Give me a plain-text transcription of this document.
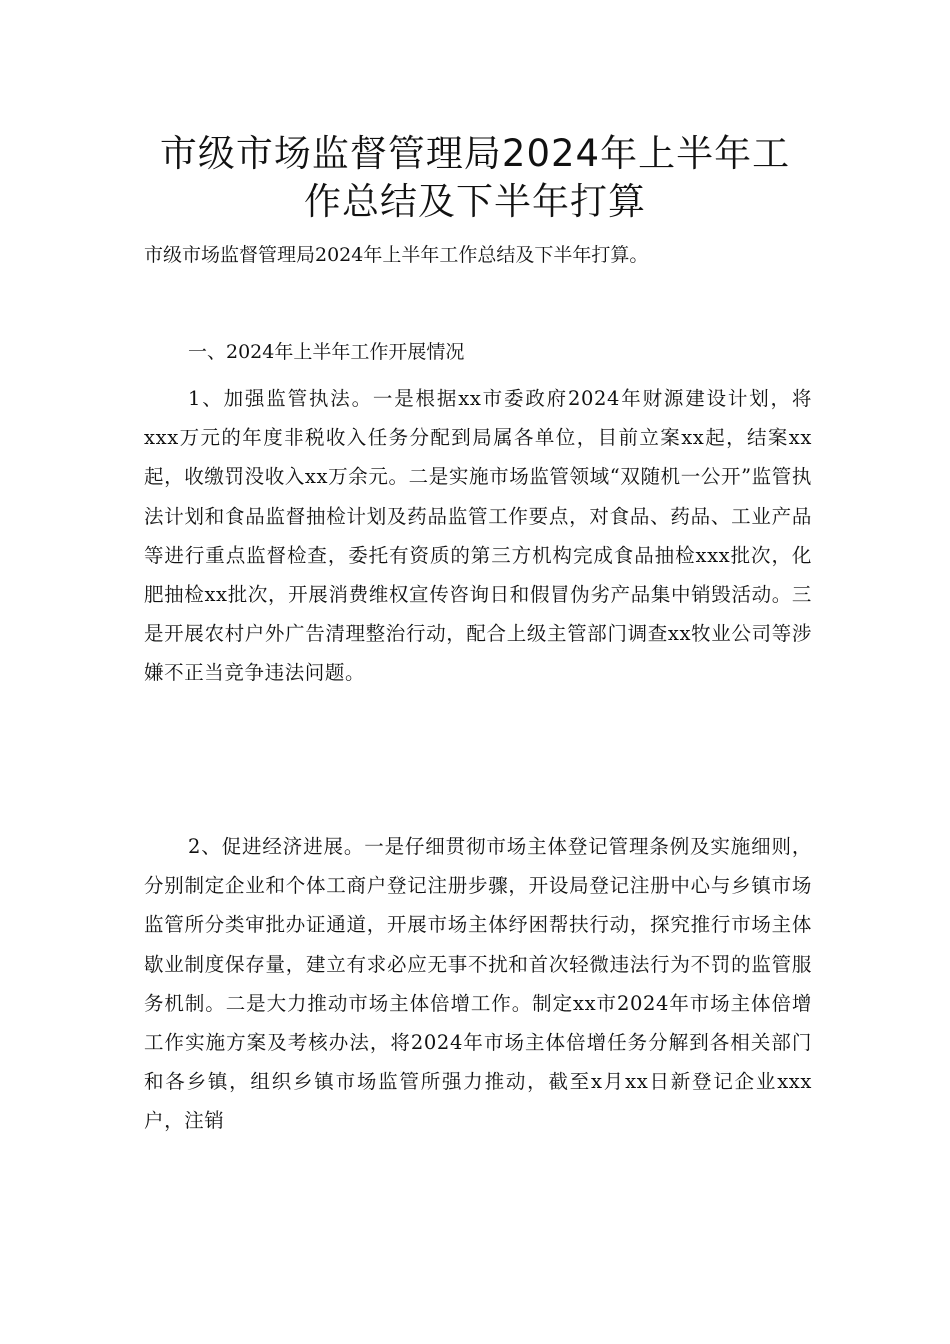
市级市场监督管理局2024年上半年工
作总结及下半年打算

市级市场监督管理局2024年上半年工作总结及下半年打算。

一、2024年上半年工作开展情况

1、加强监管执法。一是根据xx市委政府2024年财源建设计划，将xxx万元的年度非税收入任务分配到局属各单位，目前立案xx起，结案xx起，收缴罚没收入xx万余元。二是实施市场监管领域“双随机一公开”监管执法计划和食品监督抽检计划及药品监管工作要点，对食品、药品、工业产品等进行重点监督检查，委托有资质的第三方机构完成食品抽检xxx批次，化肥抽检xx批次，开展消费维权宣传咨询日和假冒伪劣产品集中销毁活动。三是开展农村户外广告清理整治行动，配合上级主管部门调查xx牧业公司等涉嫌不正当竞争违法问题。

2、促进经济进展。一是仔细贯彻市场主体登记管理条例及实施细则，分别制定企业和个体工商户登记注册步骤，开设局登记注册中心与乡镇市场监管所分类审批办证通道，开展市场主体纾困帮扶行动，探究推行市场主体歇业制度保存量，建立有求必应无事不扰和首次轻微违法行为不罚的监管服务机制。二是大力推动市场主体倍增工作。制定xx市2024年市场主体倍增工作实施方案及考核办法，将2024年市场主体倍增任务分解到各相关部门和各乡镇，组织乡镇市场监管所强力推动，截至x月xx日新登记企业xxx户，注销
